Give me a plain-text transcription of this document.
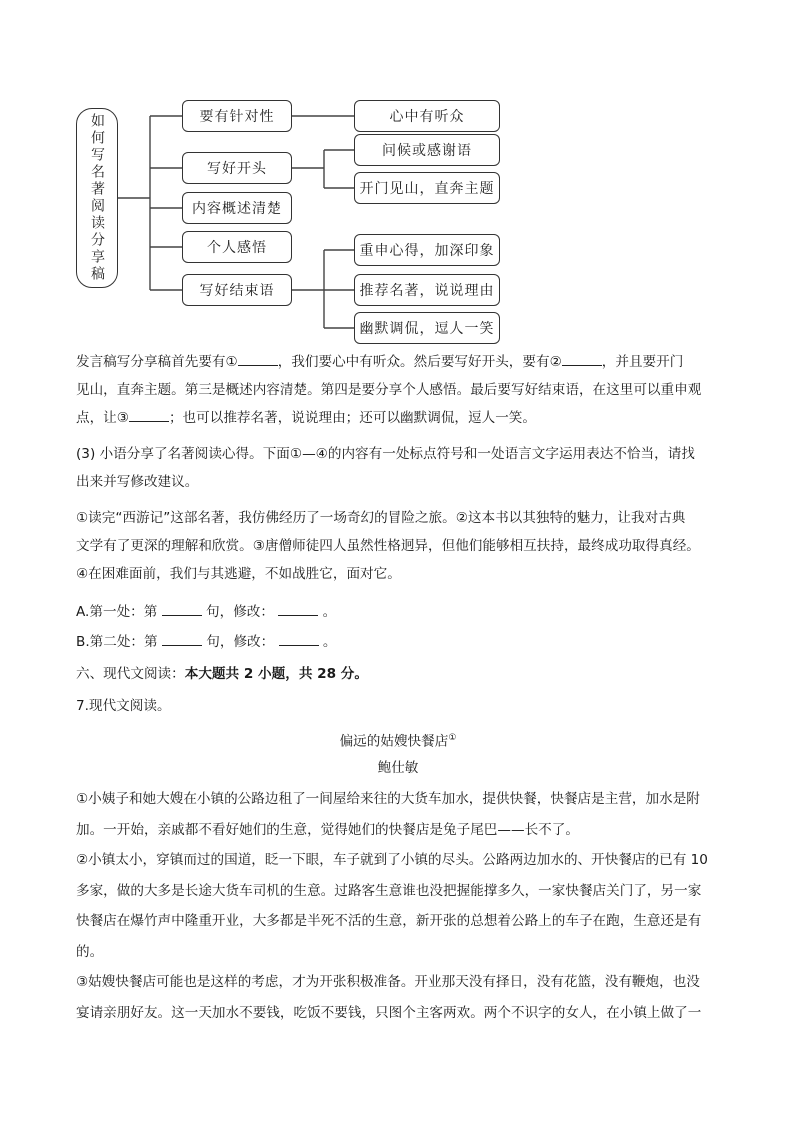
如何写名著阅读分享稿	要有针对性
写好开头
内容概述清楚
个人感悟
写好结束语
心中有听众
问候或感谢语
开门见山，直奔主题
重申心得，加深印象
推荐名著，说说理由
幽默调侃，逗人一笑

发言稿写分享稿首先要有①	，我们要心中有听众。然后要写好开头，要有②	，并且要开门

见山，直奔主题。第三是概述内容清楚。第四是要分享个人感悟。最后要写好结束语，在这里可以重申观

点，让③	；也可以推荐名著，说说理由；还可以幽默调侃，逗人一笑。

(3) 小语分享了名著阅读心得。下面①—④的内容有一处标点符号和一处语言文字运用表达不恰当，请找

出来并写修改建议。

①读完“西游记”这部名著，我仿佛经历了一场奇幻的冒险之旅。②这本书以其独特的魅力，让我对古典

文学有了更深的理解和欣赏。③唐僧师徒四人虽然性格迥异，但他们能够相互扶持，最终成功取得真经。

④在困难面前，我们与其逃避，不如战胜它，面对它。

A.第一处：第	句，修改：	。

B.第二处：第	句，修改：	。

六、现代文阅读：本大题共 2 小题，共 28 分。

7.现代文阅读。

偏远的姑嫂快餐店①

鲍仕敏

①小姨子和她大嫂在小镇的公路边租了一间屋给来往的大货车加水，提供快餐，快餐店是主营，加水是附

加。一开始，亲戚都不看好她们的生意，觉得她们的快餐店是兔子尾巴——长不了。

②小镇太小，穿镇而过的国道，眨一下眼，车子就到了小镇的尽头。公路两边加水的、开快餐店的已有 10

多家，做的大多是长途大货车司机的生意。过路客生意谁也没把握能撑多久，一家快餐店关门了，另一家

快餐店在爆竹声中隆重开业，大多都是半死不活的生意，新开张的总想着公路上的车子在跑，生意还是有

的。

③姑嫂快餐店可能也是这样的考虑，才为开张积极准备。开业那天没有择日，没有花篮，没有鞭炮，也没

宴请亲朋好友。这一天加水不要钱，吃饭不要钱，只图个主客两欢。两个不识字的女人，在小镇上做了一
